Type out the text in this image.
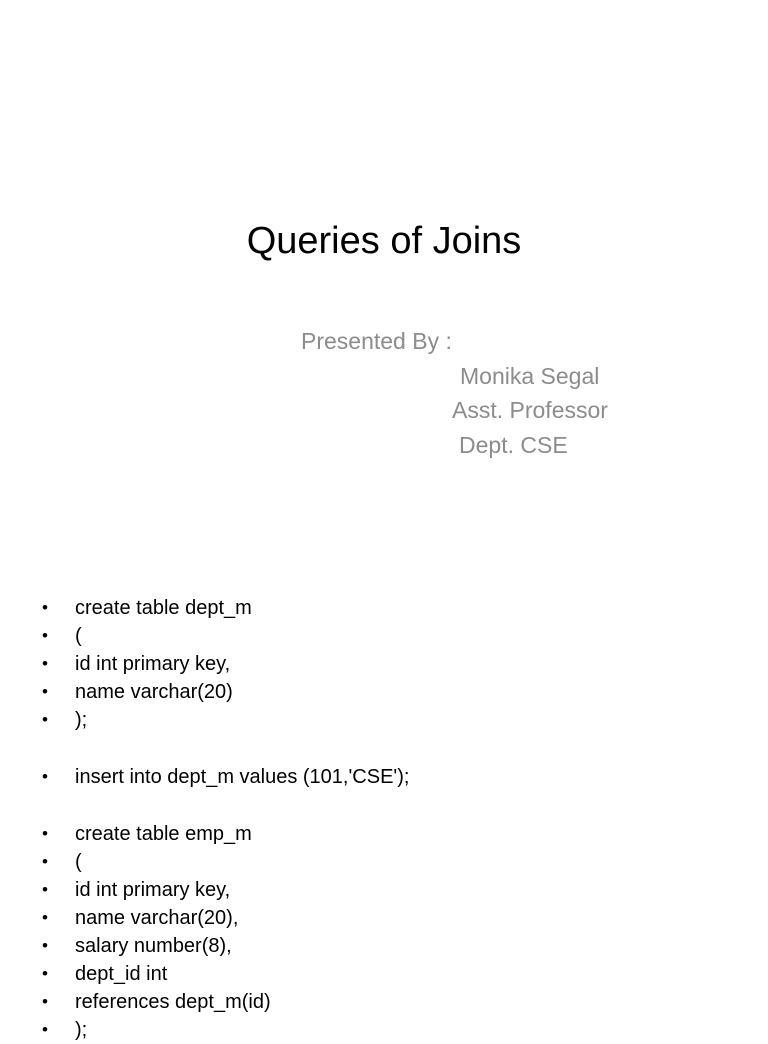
Queries of Joins
Presented By :
Monika Segal
Asst. Professor
Dept. CSE
•	create table dept_m
•	(
•	id int primary key,
•	name varchar(20)
•	);
•	insert into dept_m values (101,'CSE');
•	create table emp_m
•	(
•	id int primary key,
•	name varchar(20),
•	salary number(8),
•	dept_id int
•	references dept_m(id)
•	);
